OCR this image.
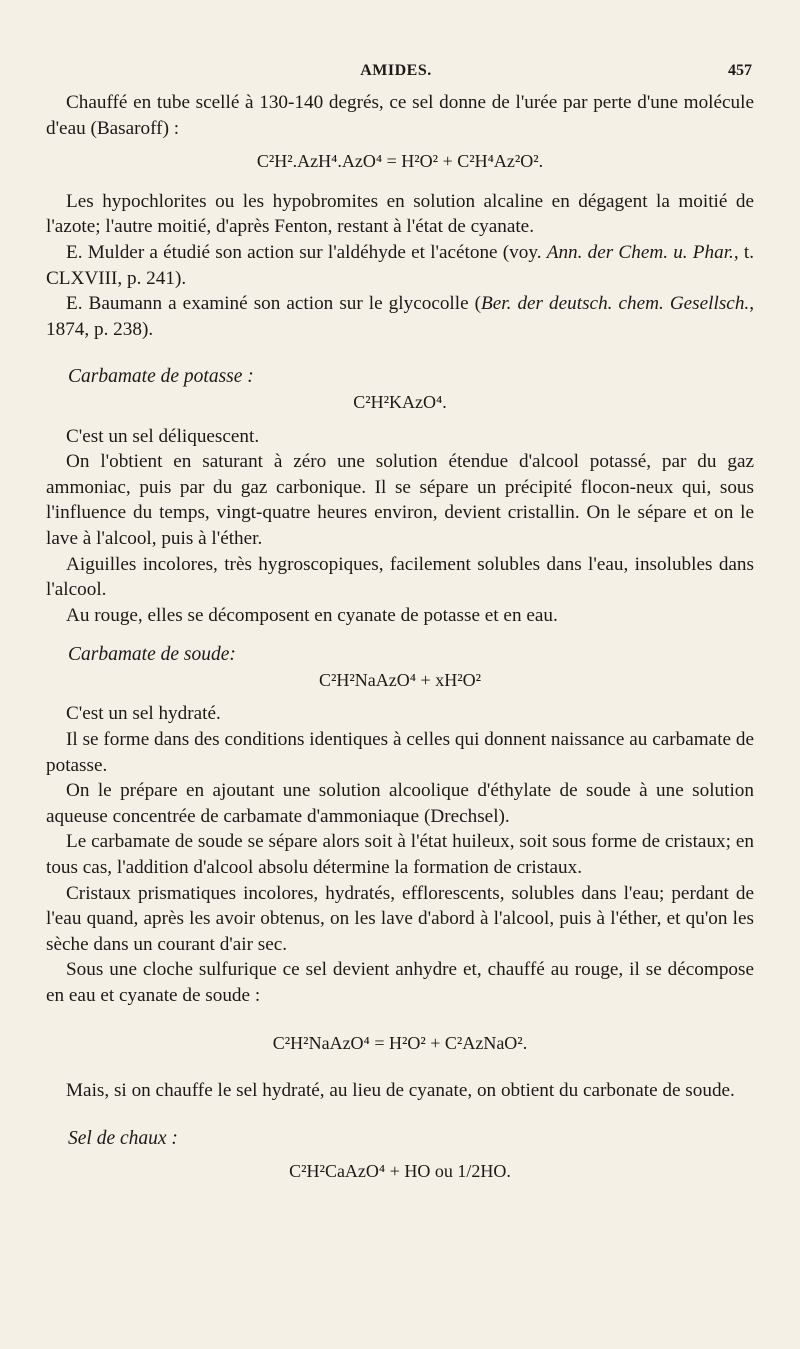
AMIDES.	457

Chauffé en tube scellé à 130-140 degrés, ce sel donne de l'urée par perte d'une molécule d'eau (Basaroff) :

C²H².AzH⁴.AzO⁴ = H²O² + C²H⁴Az²O².

Les hypochlorites ou les hypobromites en solution alcaline en dégagent la moitié de l'azote; l'autre moitié, d'après Fenton, restant à l'état de cyanate.

E. Mulder a étudié son action sur l'aldéhyde et l'acétone (voy. Ann. der Chem. u. Phar., t. CLXVIII, p. 241).

E. Baumann a examiné son action sur le glycocolle (Ber. der deutsch. chem. Gesellsch., 1874, p. 238).

Carbamate de potasse :

C²H²KAzO⁴.

C'est un sel déliquescent.

On l'obtient en saturant à zéro une solution étendue d'alcool potassé, par du gaz ammoniac, puis par du gaz carbonique. Il se sépare un précipité flocon-neux qui, sous l'influence du temps, vingt-quatre heures environ, devient cristallin. On le sépare et on le lave à l'alcool, puis à l'éther.

Aiguilles incolores, très hygroscopiques, facilement solubles dans l'eau, insolubles dans l'alcool.

Au rouge, elles se décomposent en cyanate de potasse et en eau.

Carbamate de soude:

C²H²NaAzO⁴ + xH²O²

C'est un sel hydraté.

Il se forme dans des conditions identiques à celles qui donnent naissance au carbamate de potasse.

On le prépare en ajoutant une solution alcoolique d'éthylate de soude à une solution aqueuse concentrée de carbamate d'ammoniaque (Drechsel).

Le carbamate de soude se sépare alors soit à l'état huileux, soit sous forme de cristaux; en tous cas, l'addition d'alcool absolu détermine la formation de cristaux.

Cristaux prismatiques incolores, hydratés, efflorescents, solubles dans l'eau; perdant de l'eau quand, après les avoir obtenus, on les lave d'abord à l'alcool, puis à l'éther, et qu'on les sèche dans un courant d'air sec.

Sous une cloche sulfurique ce sel devient anhydre et, chauffé au rouge, il se décompose en eau et cyanate de soude :

C²H²NaAzO⁴ = H²O² + C²AzNaO².

Mais, si on chauffe le sel hydraté, au lieu de cyanate, on obtient du carbonate de soude.

Sel de chaux :

C²H²CaAzO⁴ + HO ou 1/2HO.
